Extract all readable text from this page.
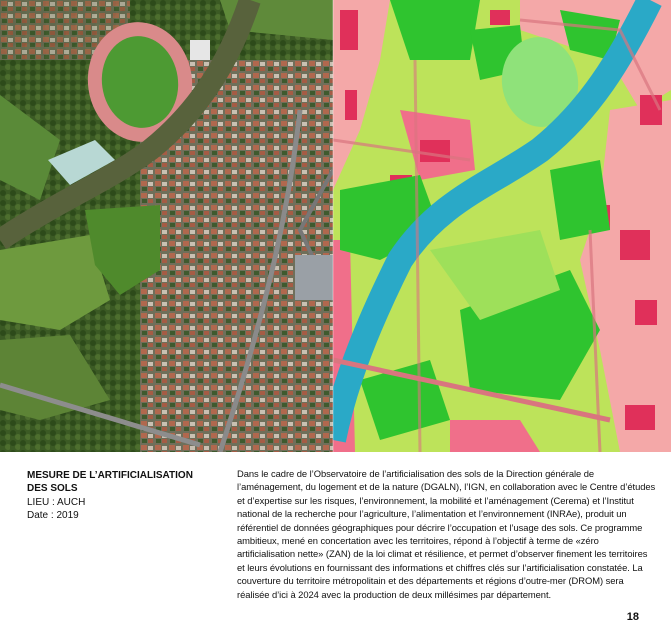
MESURE DE L’ARTIFICIALISATION DES SOLS

LIEU : AUCH

Date : 2019

Dans le cadre de l’Observatoire de l’artificialisation des sols de la Direction générale de l’aménagement, du logement et de la nature (DGALN), l’IGN, en collaboration avec le Centre d’études et d’expertise sur les risques, l’environnement, la mobilité et l’aménagement (Cerema) et l’Institut national de la recherche pour l’agriculture, l’alimentation et l’environnement (INRAe), produit un référentiel de données géographiques pour décrire l’occupation et l’usage des sols. Ce programme ambitieux, mené en concertation avec les territoires, répond à l’objectif à terme de «zéro artificialisation nette» (ZAN) de la loi climat et résilience, et permet d’observer finement les territoires et leurs évolutions en fournissant des informations et chiffres clés sur l’artificialisation constatée. La couverture du territoire métropolitain et des départements et régions d’outre-mer (DROM) sera réalisée d’ici à 2024 avec la production de deux millésimes par département.

18
